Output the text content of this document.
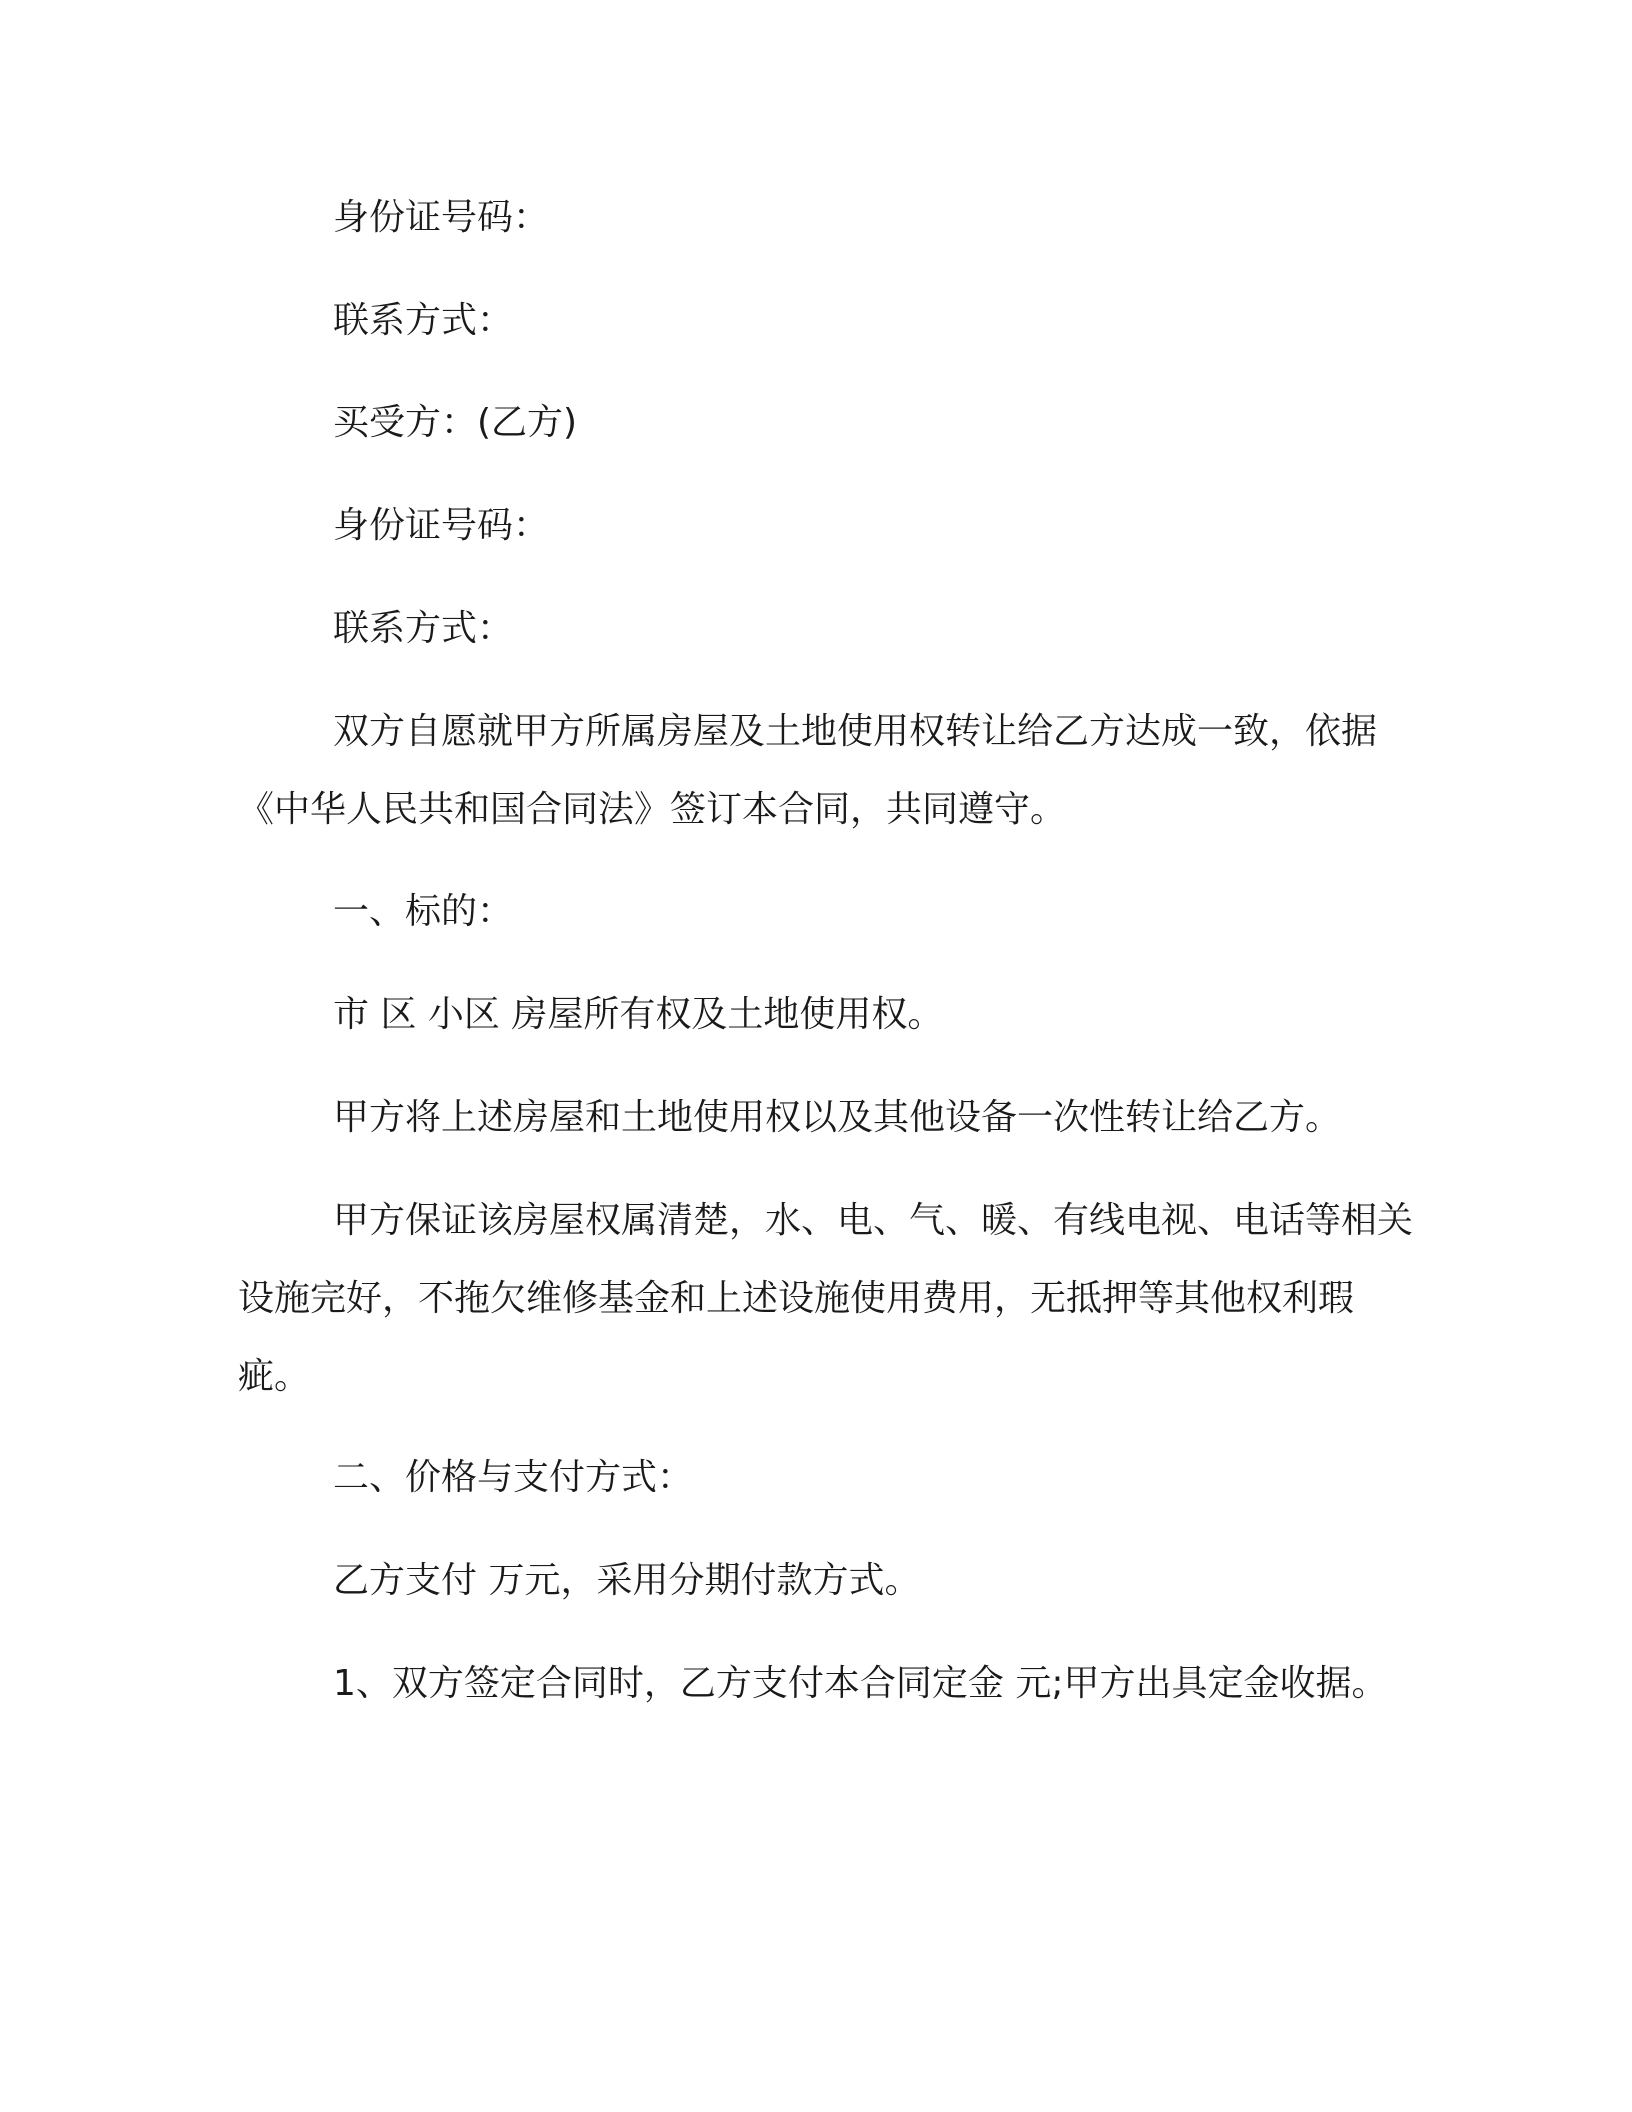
身份证号码：
联系方式：
买受方：(乙方)
身份证号码：
联系方式：
双方自愿就甲方所属房屋及土地使用权转让给乙方达成一致，依据《中华人民共和国合同法》签订本合同，共同遵守。
一、标的：
市 区 小区 房屋所有权及土地使用权。
甲方将上述房屋和土地使用权以及其他设备一次性转让给乙方。
甲方保证该房屋权属清楚，水、电、气、暖、有线电视、电话等相关设施完好，不拖欠维修基金和上述设施使用费用，无抵押等其他权利瑕疵。
二、价格与支付方式：
乙方支付 万元，采用分期付款方式。
1、双方签定合同时，乙方支付本合同定金 元;甲方出具定金收据。
